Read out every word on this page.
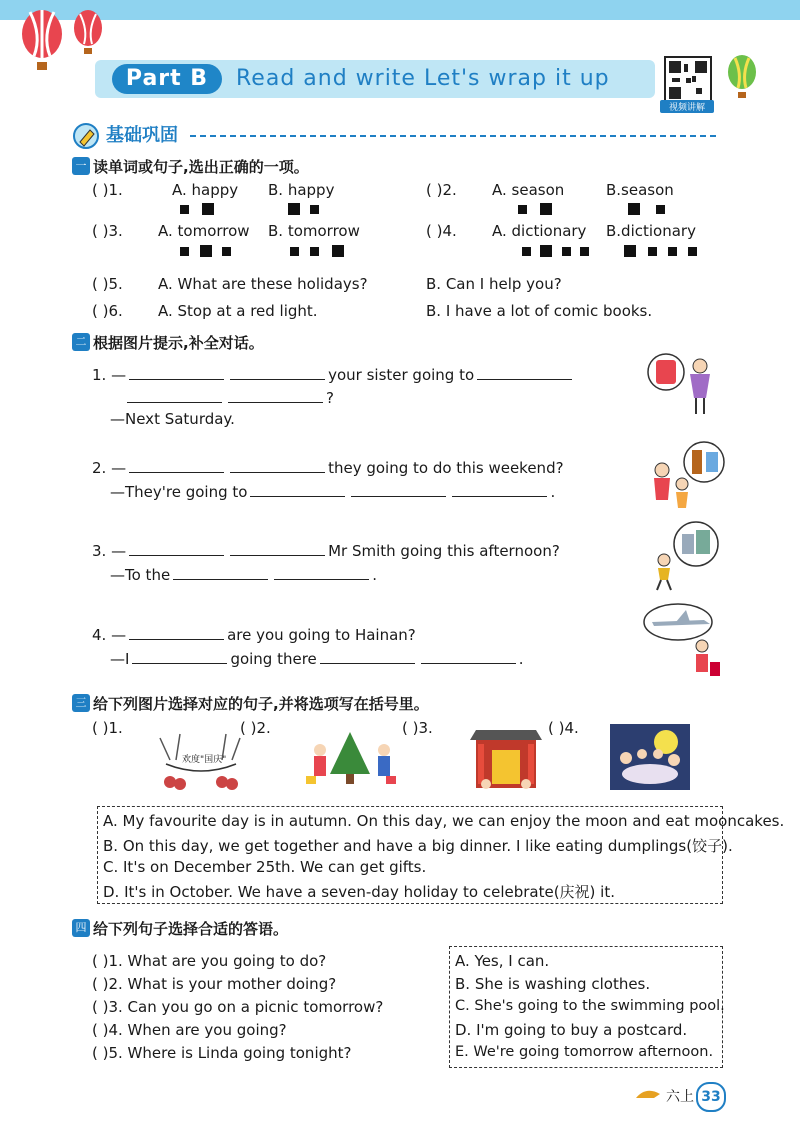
Part B	Read and write Let's wrap it up
视频讲解
基础巩固
一 读单词或句子,选出正确的一项。
( )1.	A. happy B. happy	( )2. A. season	B.season
( )3. A. tomorrow B. tomorrow	( )4. A. dictionary B.dictionary
( )5. A. What are these holidays?	B. Can I help you?
( )6. A. Stop at a red light.	B. I have a lot of comic books.
二 根据图片提示,补全对话。
1. —	your sister going to
?
—Next Saturday.
2. —	they going to do this weekend?
—They're going to	.
3. —	Mr Smith going this afternoon?
—To the	.
4. —	are you going to Hainan?
—I	going there	.
三 给下列图片选择对应的句子,并将选项写在括号里。
( )1.	( )2.	( )3.	( )4.
欢度"国庆"
A. My favourite day is in autumn. On this day, we can enjoy the moon and eat mooncakes.
B. On this day, we get together and have a big dinner. I like eating dumplings(饺子).
C. It's on December 25th. We can get gifts.
D. It's in October. We have a seven-day holiday to celebrate(庆祝) it.
四 给下列句子选择合适的答语。
( )1. What are you going to do?
( )2. What is your mother doing?
( )3. Can you go on a picnic tomorrow?
( )4. When are you going?
( )5. Where is Linda going tonight?
A. Yes, I can.
B. She is washing clothes.
C. She's going to the swimming pool.
D. I'm going to buy a postcard.
E. We're going tomorrow afternoon.
六上 33
